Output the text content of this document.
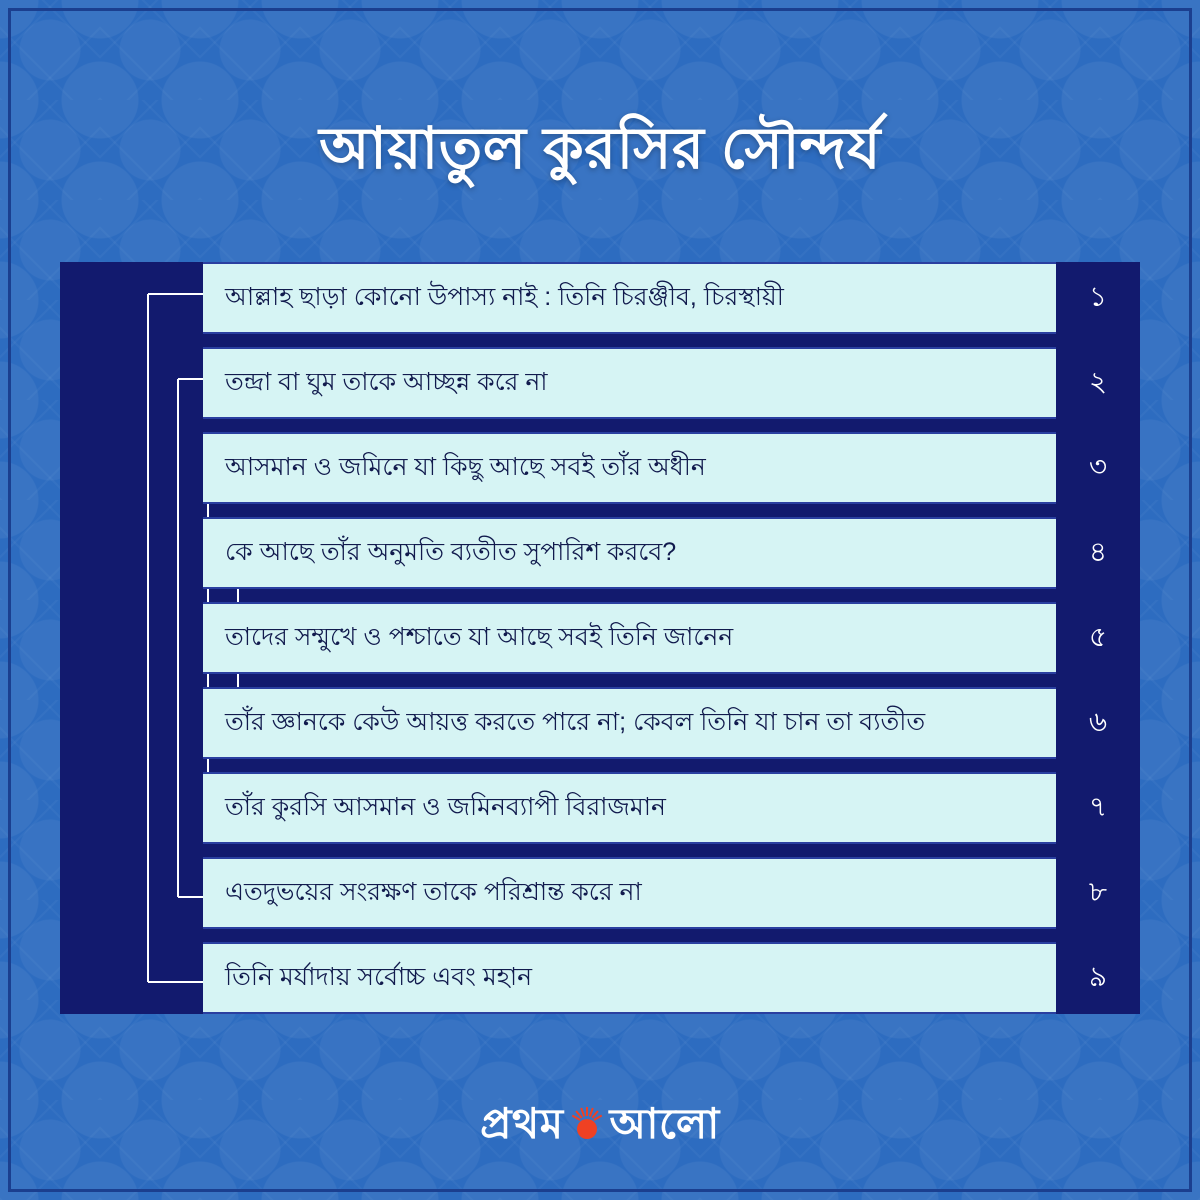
আয়াতুল কুরসির সৌন্দর্য
আল্লাহ ছাড়া কোনো উপাস্য নাই : তিনি চিরঞ্জীব, চিরস্থায়ী	১
তন্দ্রা বা ঘুম তাকে আচ্ছন্ন করে না	২
আসমান ও জমিনে যা কিছু আছে সবই তাঁর অধীন	৩
কে আছে তাঁর অনুমতি ব্যতীত সুপারিশ করবে?	৪
তাদের সম্মুখে ও পশ্চাতে যা আছে সবই তিনি জানেন	৫
তাঁর জ্ঞানকে কেউ আয়ত্ত করতে পারে না; কেবল তিনি যা চান তা ব্যতীত	৬
তাঁর কুরসি আসমান ও জমিনব্যাপী বিরাজমান	৭
এতদুভয়ের সংরক্ষণ তাকে পরিশ্রান্ত করে না	৮
তিনি মর্যাদায় সর্বোচ্চ এবং মহান	৯
প্রথম আলো
